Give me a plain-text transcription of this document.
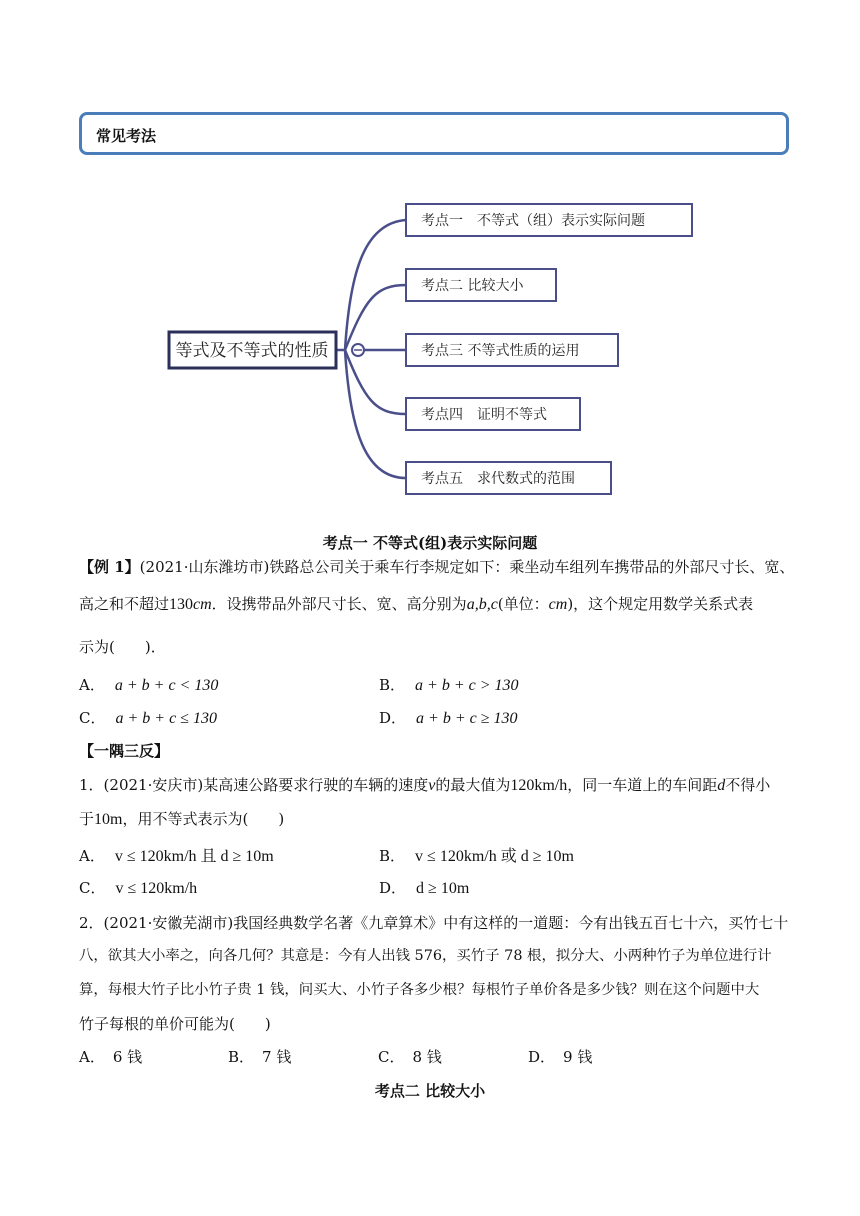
常见考法
等式及不等式的性质
考点一　不等式（组）表示实际问题
考点二 比较大小
考点三 不等式性质的运用
考点四　证明不等式
考点五　求代数式的范围
考点一 不等式(组)表示实际问题
【例 1】(2021·山东潍坊市)铁路总公司关于乘车行李规定如下：乘坐动车组列车携带品的外部尺寸长、宽、
高之和不超过130cm．设携带品外部尺寸长、宽、高分别为a,b,c(单位：cm)，这个规定用数学关系式表
示为(　　)．
A． a + b + c < 130	B． a + b + c > 130
C． a + b + c ≤ 130	D． a + b + c ≥ 130
【一隅三反】
1．(2021·安庆市)某高速公路要求行驶的车辆的速度v的最大值为120km/h，同一车道上的车间距d不得小
于10m，用不等式表示为(　　)
A． v ≤ 120km/h 且 d ≥ 10m	B． v ≤ 120km/h 或 d ≥ 10m
C． v ≤ 120km/h	D． d ≥ 10m
2．(2021·安徽芜湖市)我国经典数学名著《九章算术》中有这样的一道题：今有出钱五百七十六，买竹七十
八，欲其大小率之，向各几何？其意是：今有人出钱 576，买竹子 78 根，拟分大、小两种竹子为单位进行计
算，每根大竹子比小竹子贵 1 钱，问买大、小竹子各多少根？每根竹子单价各是多少钱？则在这个问题中大
竹子每根的单价可能为(　　)
A． 6 钱	B． 7 钱	C． 8 钱	D． 9 钱
考点二 比较大小
